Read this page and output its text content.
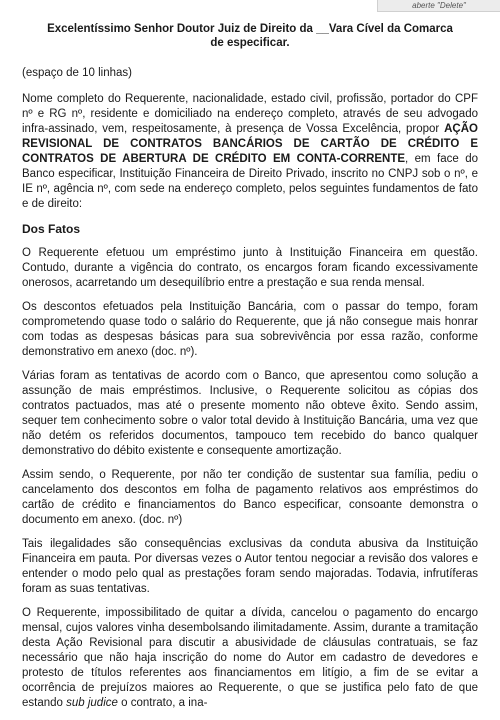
aberte "Delete"

Excelentíssimo Senhor Doutor Juiz de Direito da __Vara Cível da Comarca

de especificar.

(espaço de 10 linhas)

Nome completo do Requerente, nacionalidade, estado civil, profissão, portador do CPF nº e RG nº, residente e domiciliado na endereço completo, através de seu advogado infra-assinado, vem, respeitosamente, à presença de Vossa Excelência, propor AÇÃO REVISIONAL DE CONTRATOS BANCÁRIOS DE CARTÃO DE CRÉDITO E CONTRATOS DE ABERTURA DE CRÉDITO EM CONTA-CORRENTE, em face do Banco especificar, Instituição Financeira de Direito Privado, inscrito no CNPJ sob o nº, e IE nº, agência nº, com sede na endereço completo, pelos seguintes fundamentos de fato e de direito:

Dos Fatos

O Requerente efetuou um empréstimo junto à Instituição Financeira em questão. Contudo, durante a vigência do contrato, os encargos foram ficando excessivamente onerosos, acarretando um desequilíbrio entre a prestação e sua renda mensal.

Os descontos efetuados pela Instituição Bancária, com o passar do tempo, foram comprometendo quase todo o salário do Requerente, que já não consegue mais honrar com todas as despesas básicas para sua sobrevivência por essa razão, conforme demonstrativo em anexo (doc. nº).

Várias foram as tentativas de acordo com o Banco, que apresentou como solução a assunção de mais empréstimos. Inclusive, o Requerente solicitou as cópias dos contratos pactuados, mas até o presente momento não obteve êxito. Sendo assim, sequer tem conhecimento sobre o valor total devido à Instituição Bancária, uma vez que não detém os referidos documentos, tampouco tem recebido do banco qualquer demonstrativo do débito existente e consequente amortização.

Assim sendo, o Requerente, por não ter condição de sustentar sua família, pediu o cancelamento dos descontos em folha de pagamento relativos aos empréstimos do cartão de crédito e financiamentos do Banco especificar, consoante demonstra o documento em anexo. (doc. nº)

Tais ilegalidades são consequências exclusivas da conduta abusiva da Instituição Financeira em pauta. Por diversas vezes o Autor tentou negociar a revisão dos valores e entender o modo pelo qual as prestações foram sendo majoradas. Todavia, infrutíferas foram as suas tentativas.

O Requerente, impossibilitado de quitar a dívida, cancelou o pagamento do encargo mensal, cujos valores vinha desembolsando ilimitadamente. Assim, durante a tramitação desta Ação Revisional para discutir a abusividade de cláusulas contratuais, se faz necessário que não haja inscrição do nome do Autor em cadastro de devedores e protesto de títulos referentes aos financiamentos em litígio, a fim de se evitar a ocorrência de prejuízos maiores ao Requerente, o que se justifica pelo fato de que estando sub judice o contrato, a ina-
